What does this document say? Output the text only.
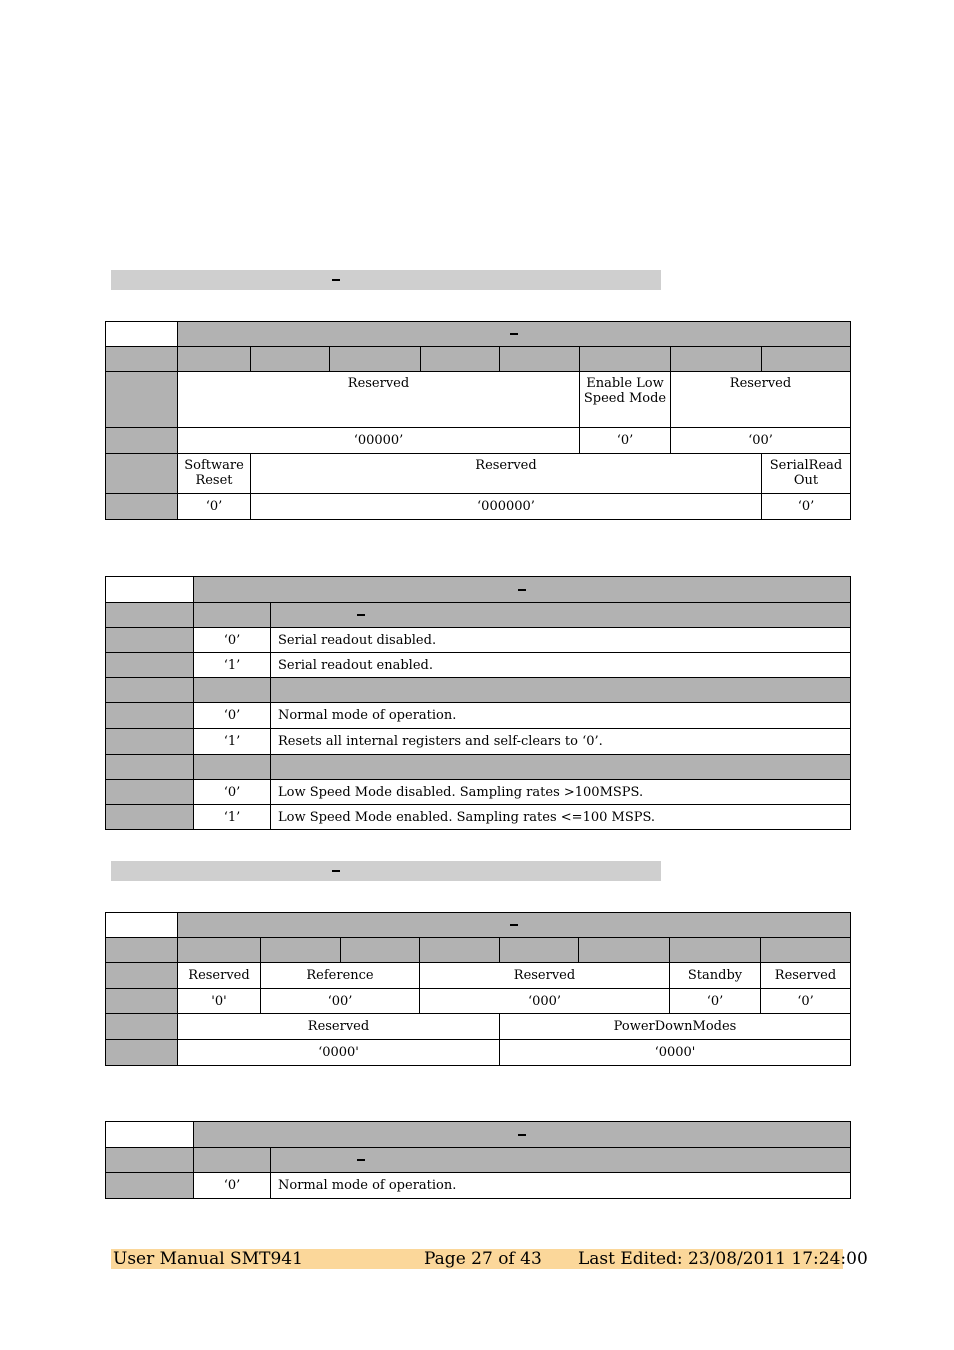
	Reserved					Enable Low Speed Mode	Reserved	
	‘00000’					‘0’	‘00’	
	Software Reset	Reserved						SerialRead Out
	‘0’	‘000000’						‘0’

	‘0’	Serial readout disabled.
	‘1’	Serial readout enabled.

	‘0’	Normal mode of operation.
	‘1’	Resets all internal registers and self-clears to ‘0’.

	‘0’	Low Speed Mode disabled. Sampling rates >100MSPS.
	‘1’	Low Speed Mode enabled. Sampling rates <=100 MSPS.

	Reserved	Reference		Reserved			Standby	Reserved
	'0'	‘00’		‘000’			‘0’	‘0’
	Reserved				PowerDownModes			
	‘0000'				‘0000'			

	‘0’	Normal mode of operation.
User Manual SMT941	Page 27 of 43 Last Edited: 23/08/2011 17:24:00
